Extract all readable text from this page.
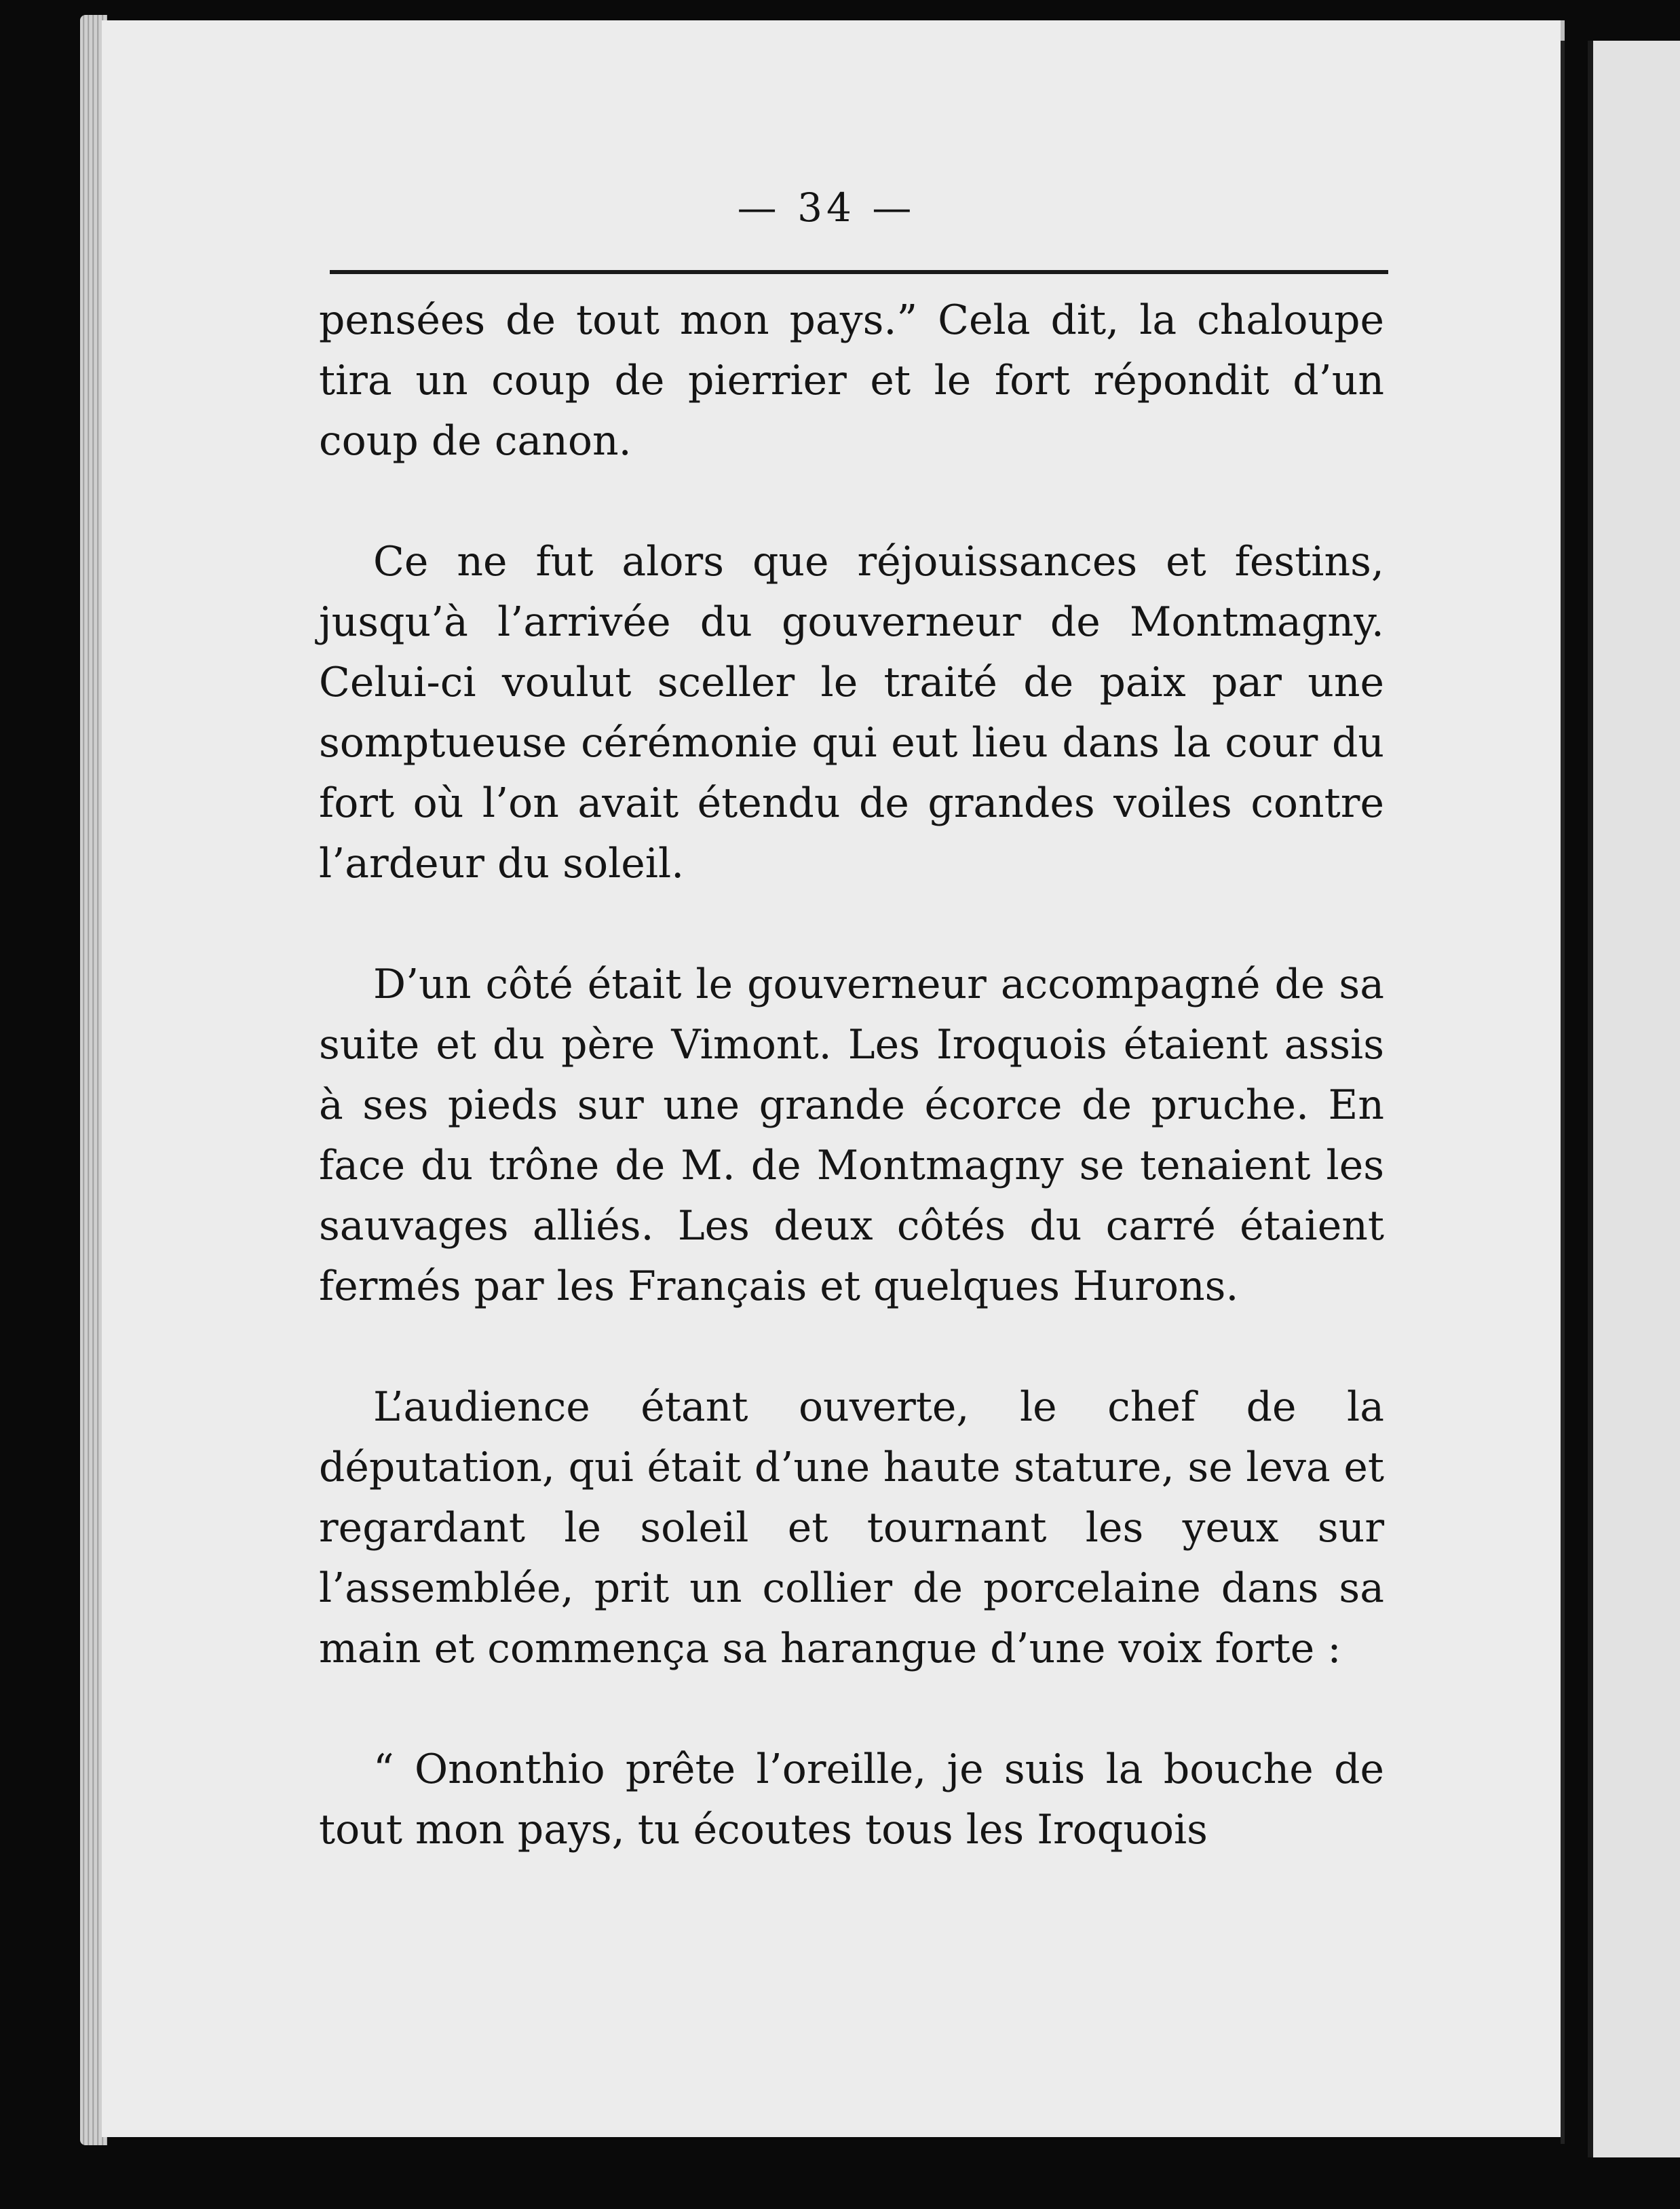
— 34 —

pensées de tout mon pays.” Cela dit, la chaloupe tira un coup de pierrier et le fort répondit d’un coup de canon.

Ce ne fut alors que réjouissances et festins, jusqu’à l’arrivée du gouverneur de Montmagny. Celui-ci voulut sceller le traité de paix par une somptueuse cérémonie qui eut lieu dans la cour du fort où l’on avait étendu de grandes voiles contre l’ardeur du soleil.

D’un côté était le gouverneur accompagné de sa suite et du père Vimont. Les Iroquois étaient assis à ses pieds sur une grande écorce de pruche. En face du trône de M. de Montmagny se tenaient les sauvages alliés. Les deux côtés du carré étaient fermés par les Français et quelques Hurons.

L’audience étant ouverte, le chef de la députation, qui était d’une haute stature, se leva et regardant le soleil et tournant les yeux sur l’assemblée, prit un collier de porcelaine dans sa main et commença sa harangue d’une voix forte :

“ Ononthio prête l’oreille, je suis la bouche de tout mon pays, tu écoutes tous les Iroquois
